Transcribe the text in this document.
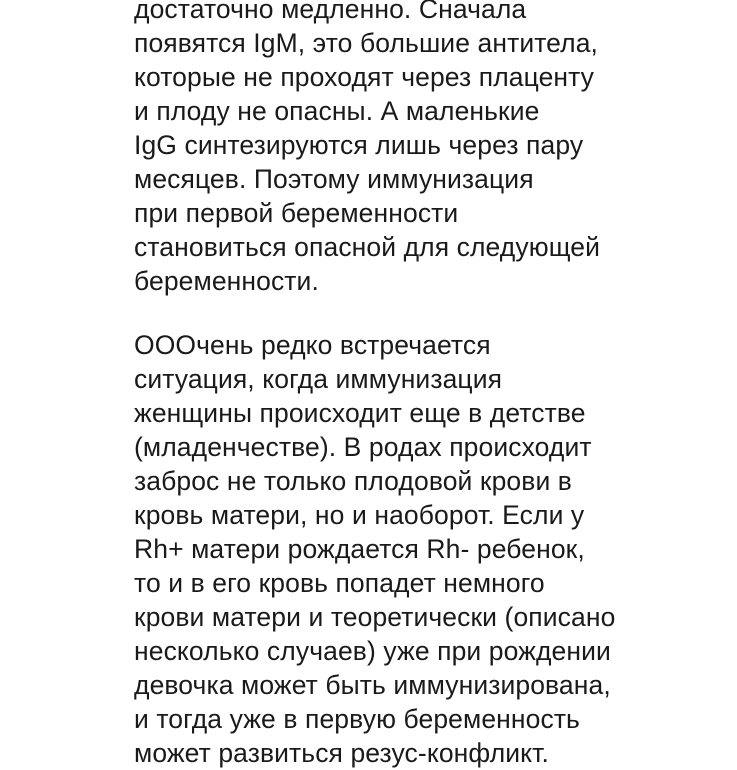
достаточно медленно. Сначала
появятся IgM, это большие антитела,
которые не проходят через плаценту
и плоду не опасны. А маленькие
IgG синтезируются лишь через пару
месяцев. Поэтому иммунизация
при первой беременности
становиться опасной для следующей
беременности.
ОООчень редко встречается
ситуация, когда иммунизация
женщины происходит еще в детстве
(младенчестве). В родах происходит
заброс не только плодовой крови в
кровь матери, но и наоборот. Если у
Rh+ матери рождается Rh- ребенок,
то и в его кровь попадет немного
крови матери и теоретически (описано
несколько случаев) уже при рождении
девочка может быть иммунизирована,
и тогда уже в первую беременность
может развиться резус-конфликт.
